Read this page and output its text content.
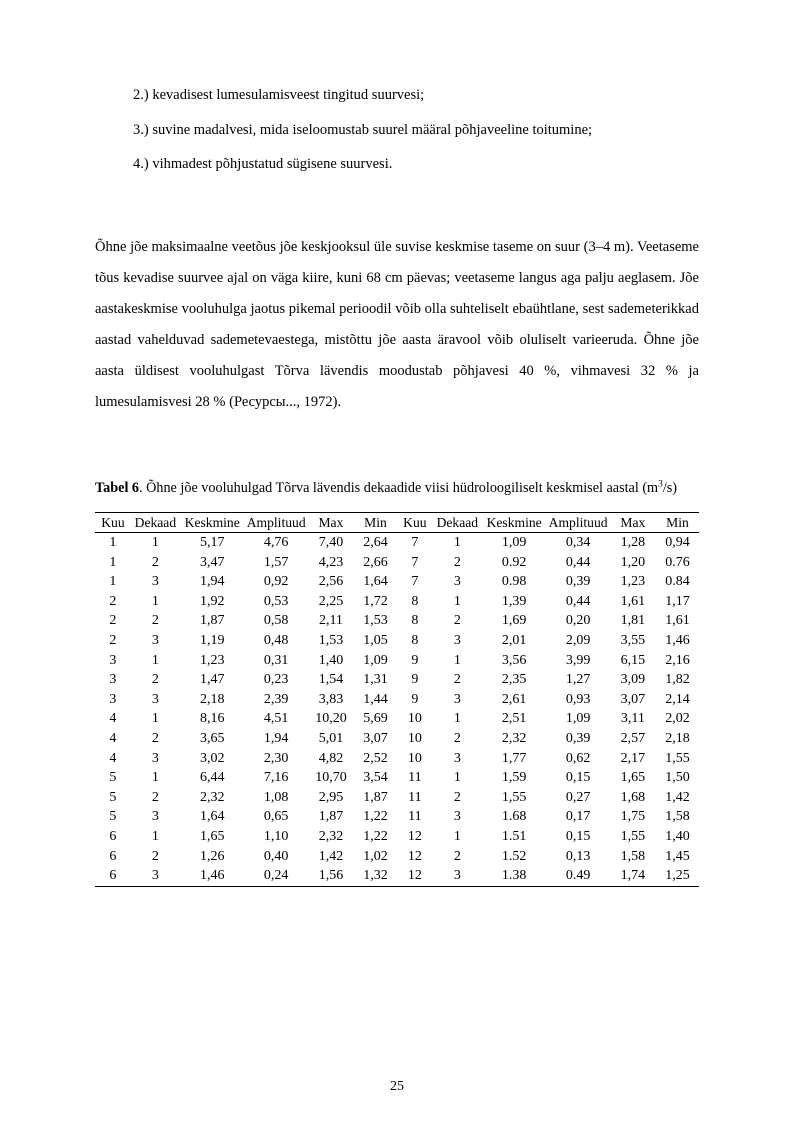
2.) kevadisest lumesulamisveest tingitud suurvesi;

3.) suvine madalvesi, mida iseloomustab suurel määral põhjaveeline toitumine;

4.) vihmadest põhjustatud sügisene suurvesi.

Õhne jõe maksimaalne veetõus jõe keskjooksul üle suvise keskmise taseme on suur (3–4 m). Veetaseme tõus kevadise suurvee ajal on väga kiire, kuni 68 cm päevas; veetaseme langus aga palju aeglasem. Jõe aastakeskmise vooluhulga jaotus pikemal perioodil võib olla suhteliselt ebaühtlane, sest sademeterikkad aastad vahelduvad sademetevaestega, mistõttu jõe aasta äravool võib oluliselt varieeruda. Õhne jõe aasta üldisest vooluhulgast Tõrva lävendis moodustab põhjavesi 40 %, vihmavesi 32 % ja lumesulamisvesi 28 % (Ресурсы..., 1972).

Tabel 6. Õhne jõe vooluhulgad Tõrva lävendis dekaadide viisi hüdroloogiliselt keskmisel aastal $(m^3/s)$

Kuu	Dekaad	Keskmine	Amplituud	Max	Min	Kuu	Dekaad	Keskmine	Amplituud	Max	Min
1	1	5,17	4,76	7,40	2,64	7	1	1,09	0,34	1,28	0,94
1	2	3,47	1,57	4,23	2,66	7	2	0.92	0,44	1,20	0.76
1	3	1,94	0,92	2,56	1,64	7	3	0.98	0,39	1,23	0.84
2	1	1,92	0,53	2,25	1,72	8	1	1,39	0,44	1,61	1,17
2	2	1,87	0,58	2,11	1,53	8	2	1,69	0,20	1,81	1,61
2	3	1,19	0,48	1,53	1,05	8	3	2,01	2,09	3,55	1,46
3	1	1,23	0,31	1,40	1,09	9	1	3,56	3,99	6,15	2,16
3	2	1,47	0,23	1,54	1,31	9	2	2,35	1,27	3,09	1,82
3	3	2,18	2,39	3,83	1,44	9	3	2,61	0,93	3,07	2,14
4	1	8,16	4,51	10,20	5,69	10	1	2,51	1,09	3,11	2,02
4	2	3,65	1,94	5,01	3,07	10	2	2,32	0,39	2,57	2,18
4	3	3,02	2,30	4,82	2,52	10	3	1,77	0,62	2,17	1,55
5	1	6,44	7,16	10,70	3,54	11	1	1,59	0,15	1,65	1,50
5	2	2,32	1,08	2,95	1,87	11	2	1,55	0,27	1,68	1,42
5	3	1,64	0,65	1,87	1,22	11	3	1.68	0,17	1,75	1,58
6	1	1,65	1,10	2,32	1,22	12	1	1.51	0,15	1,55	1,40
6	2	1,26	0,40	1,42	1,02	12	2	1.52	0,13	1,58	1,45
6	3	1,46	0,24	1,56	1,32	12	3	1.38	0.49	1,74	1,25
25
